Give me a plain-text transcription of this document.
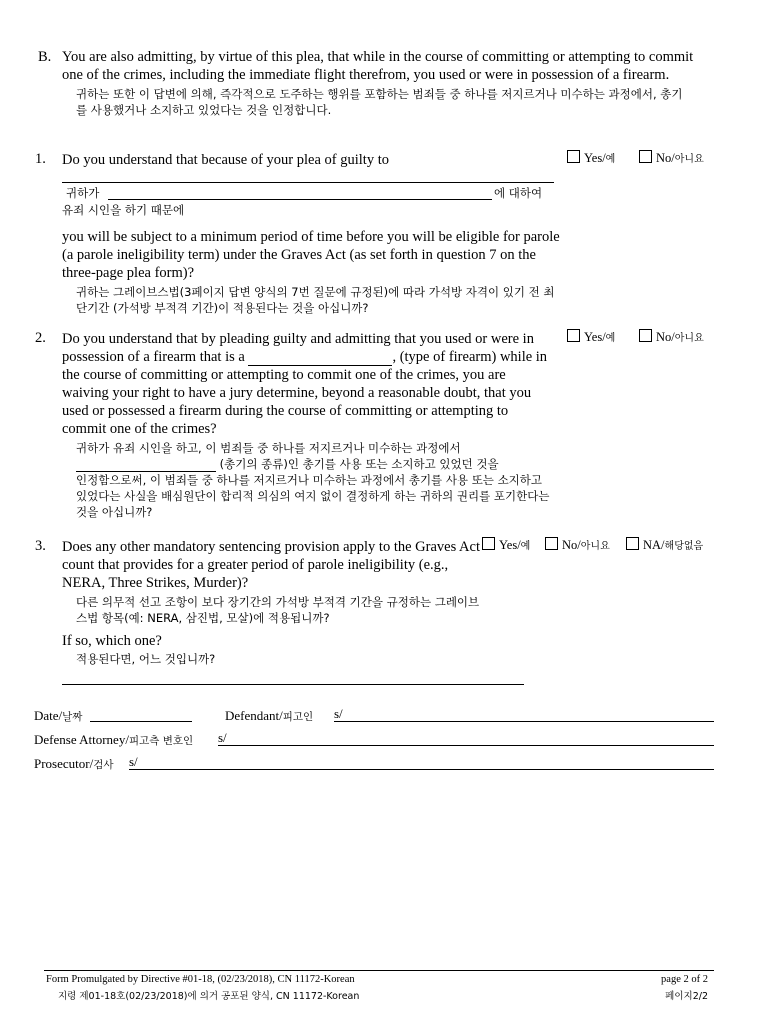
B. You are also admitting, by virtue of this plea, that while in the course of committing or attempting to commit one of the crimes, including the immediate flight therefrom, you used or were in possession of a firearm.

귀하는 또한 이 답변에 의해, 즉각적으로 도주하는 행위를 포함하는 범죄들 중 하나를 저지르거나 미수하는 과정에서, 총기를 사용했거나 소지하고 있었다는 것을 인정합니다.

1. Do you understand that because of your plea of guilty to	Yes/예	No/아니요
귀하가	에 대하여
유죄 시인을 하기 때문에

you will be subject to a minimum period of time before you will be eligible for parole (a parole ineligibility term) under the Graves Act (as set forth in question 7 on the three-page plea form)?

귀하는 그레이브스법(3페이지 답변 양식의 7번 질문에 규정된)에 따라 가석방 자격이 있기 전 최단기간 (가석방 부적격 기간)이 적용된다는 것을 아십니까?

2. Do you understand that by pleading guilty and admitting that you used or were in possession of a firearm that is a	, (type of firearm) while in the course of committing or attempting to commit one of the crimes, you are waiving your right to have a jury determine, beyond a reasonable doubt, that you used or possessed a firearm during the course of committing or attempting to commit one of the crimes?

귀하가 유죄 시인을 하고, 이 범죄들 중 하나를 저지르거나 미수하는 과정에서

(총기의 종류)인 총기를 사용 또는 소지하고 있었던 것을

인정함으로써, 이 범죄들 중 하나를 저지르거나 미수하는 과정에서 총기를 사용 또는 소지하고 있었다는 사실을 배심원단이 합리적 의심의 여지 없이 결정하게 하는 귀하의 권리를 포기한다는 것을 아십니까?

Yes/예	No/아니요
3. Does any other mandatory sentencing provision apply to the Graves Act count that provides for a greater period of parole ineligibility (e.g., NERA, Three Strikes, Murder)?

다른 의무적 선고 조항이 보다 장기간의 가석방 부적격 기간을 규정하는 그레이브스법 항목(예: NERA, 삼진법, 모살)에 적용됩니까?

Yes/예	No/아니요	NA/해당없음
If so, which one?
적용된다면, 어느 것입니까?
Date/날짜	Defendant/피고인 s/
Defense Attorney/피고측 변호인 s/
Prosecutor/검사 s/
Form Promulgated by Directive #01-18, (02/23/2018), CN 11172-Korean
지령 제01-18호(02/23/2018)에 의거 공포된 양식, CN 11172-Korean
page 2 of 2
페이지2/2
